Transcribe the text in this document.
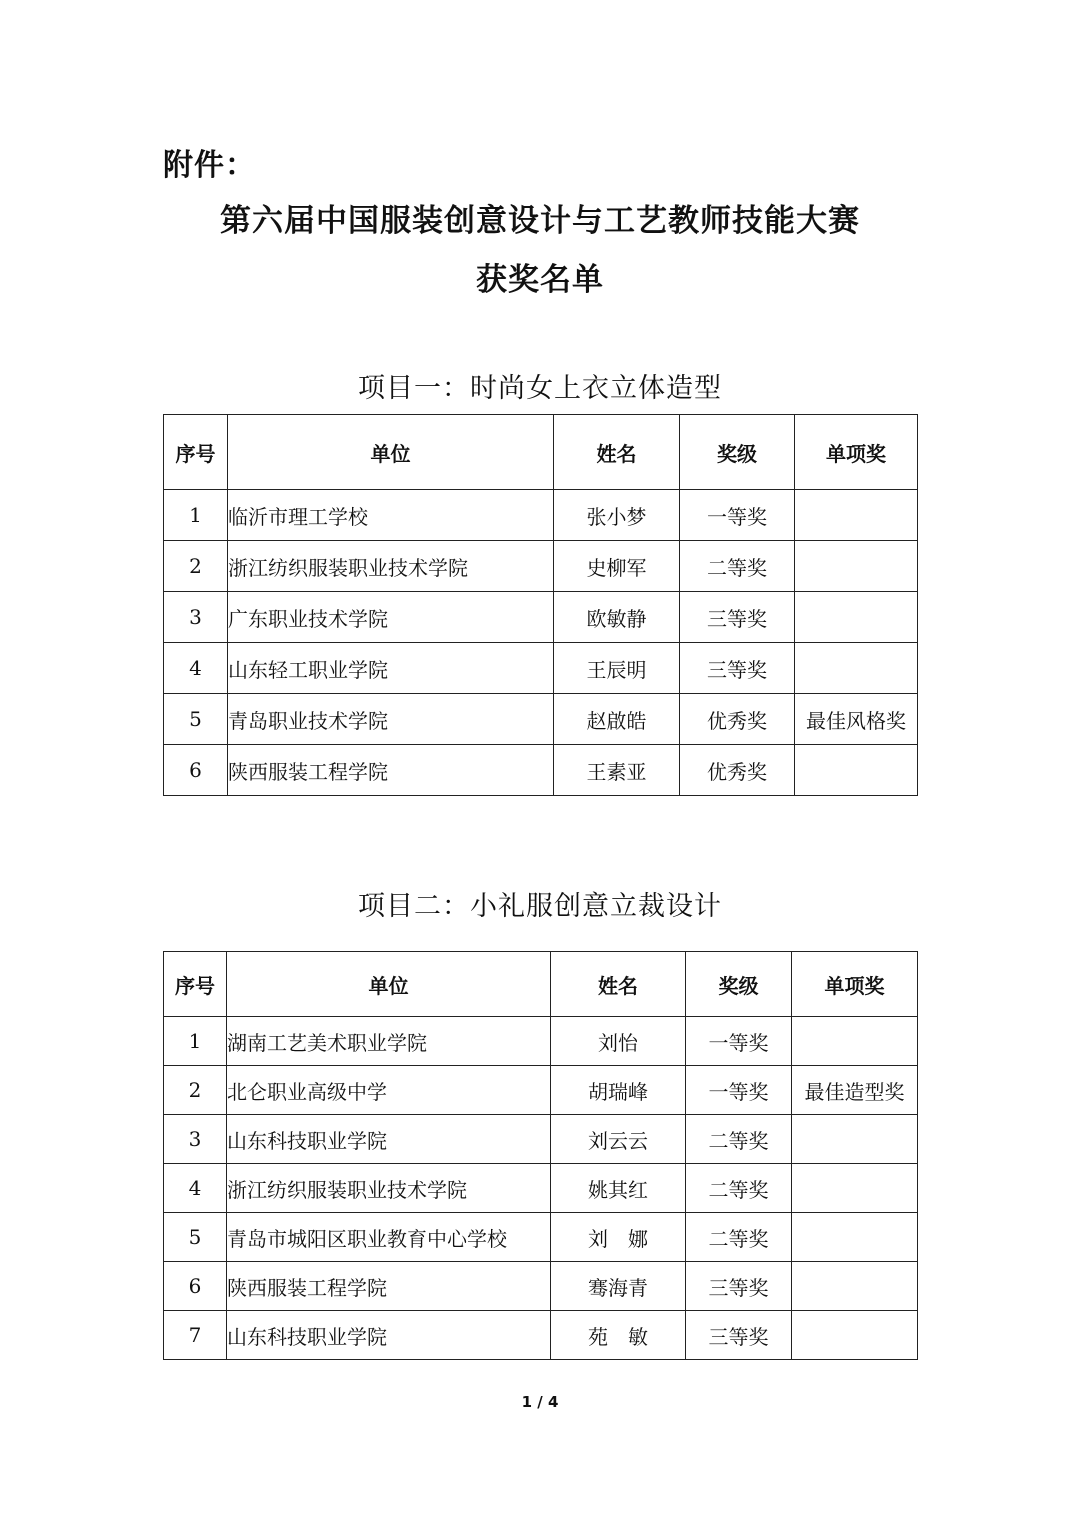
附件：
第六届中国服装创意设计与工艺教师技能大赛
获奖名单
项目一：时尚女上衣立体造型
序号	单位	姓名	奖级	单项奖
1	临沂市理工学校	张小梦	一等奖	
2	浙江纺织服装职业技术学院	史柳军	二等奖	
3	广东职业技术学院	欧敏静	三等奖	
4	山东轻工职业学院	王辰明	三等奖	
5	青岛职业技术学院	赵啟皓	优秀奖	最佳风格奖
6	陕西服装工程学院	王素亚	优秀奖	
项目二：小礼服创意立裁设计
序号	单位	姓名	奖级	单项奖
1	湖南工艺美术职业学院	刘怡	一等奖	
2	北仑职业高级中学	胡瑞峰	一等奖	最佳造型奖
3	山东科技职业学院	刘云云	二等奖	
4	浙江纺织服装职业技术学院	姚其红	二等奖	
5	青岛市城阳区职业教育中心学校	刘　娜	二等奖	
6	陕西服装工程学院	骞海青	三等奖	
7	山东科技职业学院	苑　敏	三等奖	
1 / 4
